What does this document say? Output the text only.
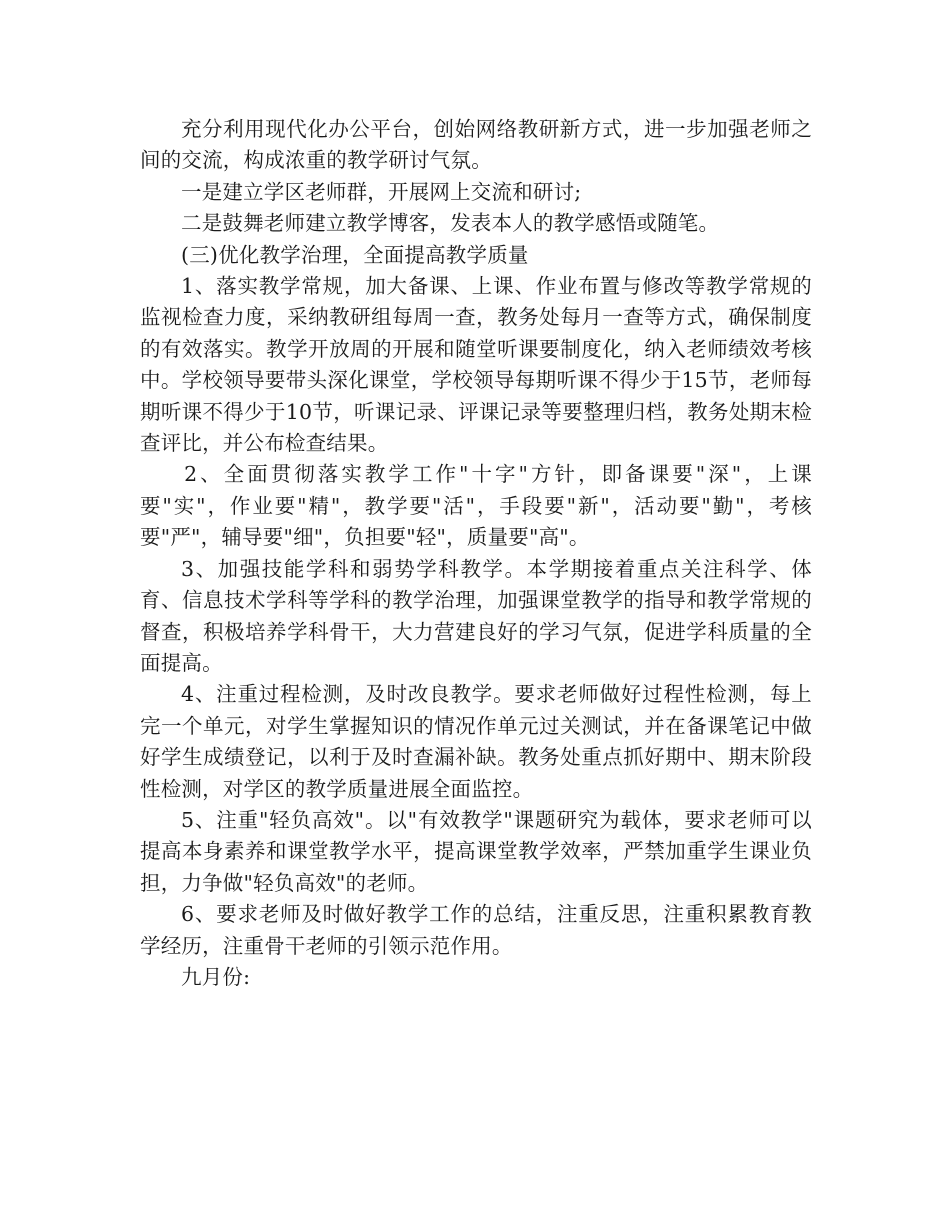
充分利用现代化办公平台，创始网络教研新方式，进一步加强老师之间的交流，构成浓重的教学研讨气氛。

一是建立学区老师群，开展网上交流和研讨;

二是鼓舞老师建立教学博客，发表本人的教学感悟或随笔。

(三)优化教学治理，全面提高教学质量

1、落实教学常规，加大备课、上课、作业布置与修改等教学常规的监视检查力度，采纳教研组每周一查，教务处每月一查等方式，确保制度的有效落实。教学开放周的开展和随堂听课要制度化，纳入老师绩效考核中。学校领导要带头深化课堂，学校领导每期听课不得少于15节，老师每期听课不得少于10节，听课记录、评课记录等要整理归档，教务处期末检查评比，并公布检查结果。

2、全面贯彻落实教学工作"十字"方针，即备课要"深"，上课要"实"，作业要"精"，教学要"活"，手段要"新"，活动要"勤"，考核要"严"，辅导要"细"，负担要"轻"，质量要"高"。

3、加强技能学科和弱势学科教学。本学期接着重点关注科学、体育、信息技术学科等学科的教学治理，加强课堂教学的指导和教学常规的督查，积极培养学科骨干，大力营建良好的学习气氛，促进学科质量的全面提高。

4、注重过程检测，及时改良教学。要求老师做好过程性检测，每上完一个单元，对学生掌握知识的情况作单元过关测试，并在备课笔记中做好学生成绩登记，以利于及时查漏补缺。教务处重点抓好期中、期末阶段性检测，对学区的教学质量进展全面监控。

5、注重"轻负高效"。以"有效教学"课题研究为载体，要求老师可以提高本身素养和课堂教学水平，提高课堂教学效率，严禁加重学生课业负担，力争做"轻负高效"的老师。

6、要求老师及时做好教学工作的总结，注重反思，注重积累教育教学经历，注重骨干老师的引领示范作用。

九月份:
